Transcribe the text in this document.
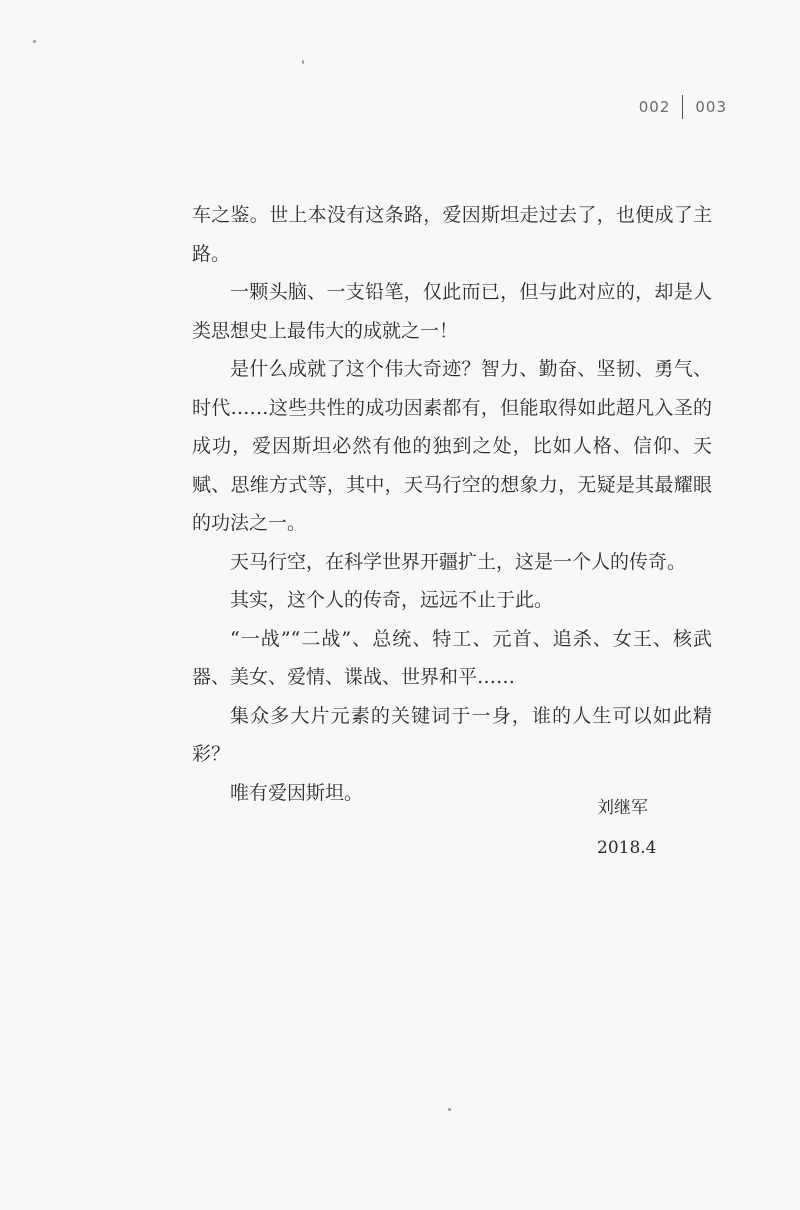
002 003

车之鉴。世上本没有这条路，爱因斯坦走过去了，也便成了主路。

一颗头脑、一支铅笔，仅此而已，但与此对应的，却是人类思想史上最伟大的成就之一！

是什么成就了这个伟大奇迹？智力、勤奋、坚韧、勇气、时代……这些共性的成功因素都有，但能取得如此超凡入圣的成功，爱因斯坦必然有他的独到之处，比如人格、信仰、天赋、思维方式等，其中，天马行空的想象力，无疑是其最耀眼的功法之一。

天马行空，在科学世界开疆扩土，这是一个人的传奇。

其实，这个人的传奇，远远不止于此。

“一战”“二战”、总统、特工、元首、追杀、女王、核武器、美女、爱情、谍战、世界和平……

集众多大片元素的关键词于一身，谁的人生可以如此精彩？

唯有爱因斯坦。

刘继军
2018.4
